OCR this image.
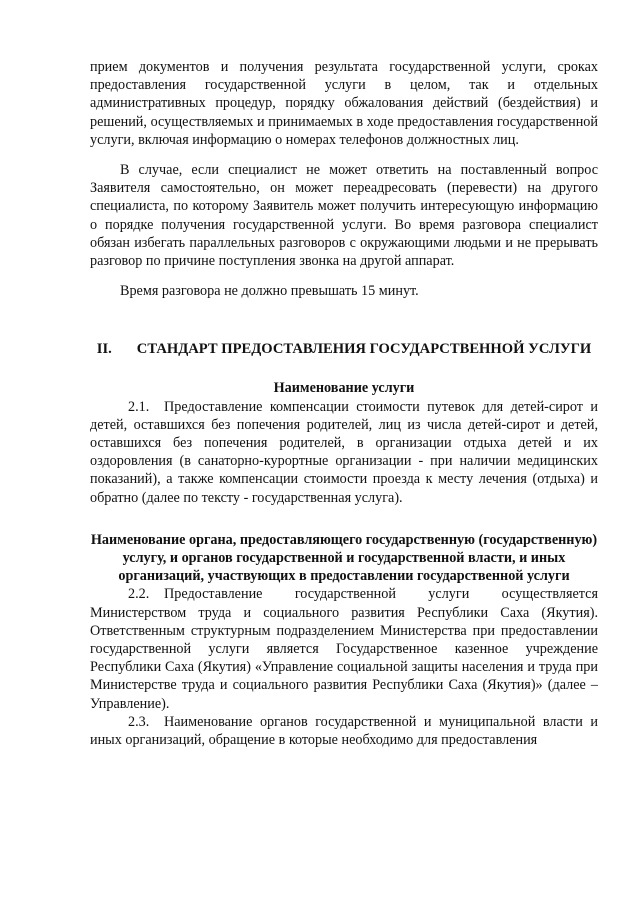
прием документов и получения результата государственной услуги, сроках предоставления государственной услуги в целом, так и отдельных административных процедур, порядку обжалования действий (бездействия) и решений, осуществляемых и принимаемых в ходе предоставления государственной услуги, включая информацию о номерах телефонов должностных лиц.

В случае, если специалист не может ответить на поставленный вопрос Заявителя самостоятельно, он может переадресовать (перевести) на другого специалиста, по которому Заявитель может получить интересующую информацию о порядке получения государственной услуги. Во время разговора специалист обязан избегать параллельных разговоров с окружающими людьми и не прерывать разговор по причине поступления звонка на другой аппарат.

Время разговора не должно превышать 15 минут.

II. СТАНДАРТ ПРЕДОСТАВЛЕНИЯ ГОСУДАРСТВЕННОЙ УСЛУГИ
Наименование услуги

2.1. Предоставление компенсации стоимости путевок для детей-сирот и детей, оставшихся без попечения родителей, лиц из числа детей-сирот и детей, оставшихся без попечения родителей, в организации отдыха детей и их оздоровления (в санаторно-курортные организации - при наличии медицинских показаний), а также компенсации стоимости проезда к месту лечения (отдыха) и обратно (далее по тексту - государственная услуга).

Наименование органа, предоставляющего государственную (государственную) услугу, и органов государственной и государственной власти, и иных организаций, участвующих в предоставлении государственной услуги

2.2. Предоставление государственной услуги осуществляется Министерством труда и социального развития Республики Саха (Якутия). Ответственным структурным подразделением Министерства при предоставлении государственной услуги является Государственное казенное учреждение Республики Саха (Якутия) «Управление социальной защиты населения и труда при Министерстве труда и социального развития Республики Саха (Якутия)» (далее – Управление).

2.3. Наименование органов государственной и муниципальной власти и иных организаций, обращение в которые необходимо для предоставления
